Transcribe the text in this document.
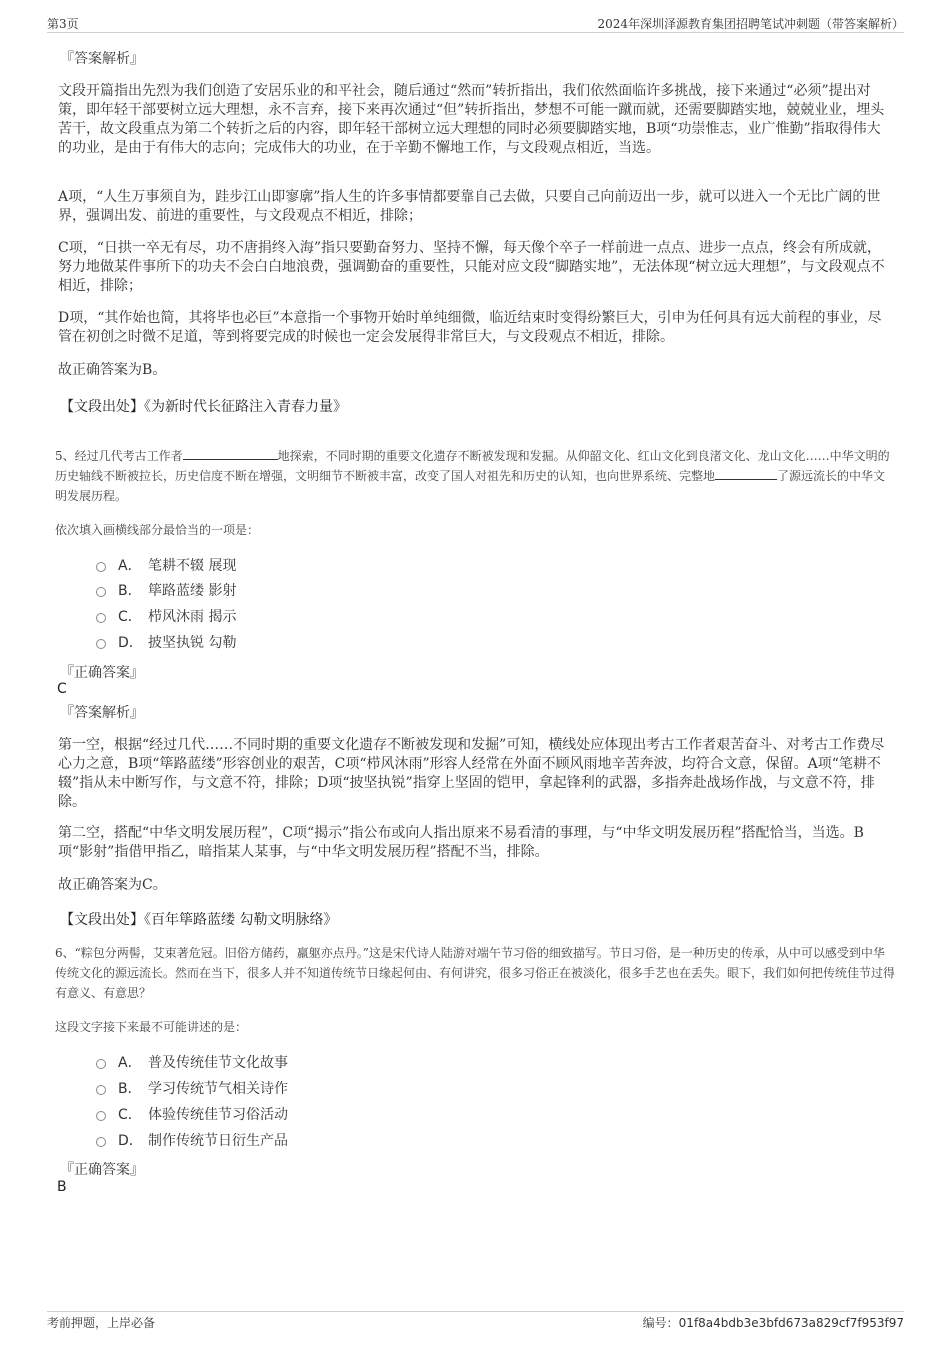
第3页	2024年深圳泽源教育集团招聘笔试冲刺题（带答案解析）
『答案解析』
文段开篇指出先烈为我们创造了安居乐业的和平社会，随后通过“然而”转折指出，我们依然面临许多挑战，接下来通过“必须”提出对策，即年轻干部要树立远大理想，永不言弃，接下来再次通过“但”转折指出，梦想不可能一蹴而就，还需要脚踏实地，兢兢业业，埋头苦干，故文段重点为第二个转折之后的内容，即年轻干部树立远大理想的同时必须要脚踏实地，B项“功崇惟志，业广惟勤”指取得伟大的功业，是由于有伟大的志向；完成伟大的功业，在于辛勤不懈地工作，与文段观点相近，当选。
A项，“人生万事须自为，跬步江山即寥廓”指人生的许多事情都要靠自己去做，只要自己向前迈出一步，就可以进入一个无比广阔的世界，强调出发、前进的重要性，与文段观点不相近，排除；
C项，“日拱一卒无有尽，功不唐捐终入海”指只要勤奋努力、坚持不懈，每天像个卒子一样前进一点点、进步一点点，终会有所成就，努力地做某件事所下的功夫不会白白地浪费，强调勤奋的重要性，只能对应文段“脚踏实地”，无法体现“树立远大理想”，与文段观点不相近，排除；
D项，“其作始也简，其将毕也必巨”本意指一个事物开始时单纯细微，临近结束时变得纷繁巨大，引申为任何具有远大前程的事业，尽管在初创之时微不足道，等到将要完成的时候也一定会发展得非常巨大，与文段观点不相近，排除。
故正确答案为B。
【文段出处】《为新时代长征路注入青春力量》
5、经过几代考古工作者	地探索，不同时期的重要文化遗存不断被发现和发掘。从仰韶文化、红山文化到良渚文化、龙山文化……中华文明的历史轴线不断被拉长，历史信度不断在增强，文明细节不断被丰富，改变了国人对祖先和历史的认知，也向世界系统、完整地	了源远流长的中华文明发展历程。
依次填入画横线部分最恰当的一项是：
A． 笔耕不辍 展现
B． 筚路蓝缕 影射
C． 栉风沐雨 揭示
D． 披坚执锐 勾勒
『正确答案』
C
『答案解析』
第一空，根据“经过几代……不同时期的重要文化遗存不断被发现和发掘”可知，横线处应体现出考古工作者艰苦奋斗、对考古工作费尽心力之意，B项“筚路蓝缕”形容创业的艰苦，C项“栉风沐雨”形容人经常在外面不顾风雨地辛苦奔波，均符合文意，保留。A项“笔耕不辍”指从未中断写作，与文意不符，排除；D项“披坚执锐”指穿上坚固的铠甲，拿起锋利的武器，多指奔赴战场作战，与文意不符，排除。
第二空，搭配“中华文明发展历程”，C项“揭示”指公布或向人指出原来不易看清的事理，与“中华文明发展历程”搭配恰当，当选。B项“影射”指借甲指乙，暗指某人某事，与“中华文明发展历程”搭配不当，排除。
故正确答案为C。
【文段出处】《百年筚路蓝缕 勾勒文明脉络》
6、“粽包分两髻，艾束著危冠。旧俗方储药，羸躯亦点丹。”这是宋代诗人陆游对端午节习俗的细致描写。节日习俗，是一种历史的传承，从中可以感受到中华传统文化的源远流长。然而在当下，很多人并不知道传统节日缘起何由、有何讲究，很多习俗正在被淡化，很多手艺也在丢失。眼下，我们如何把传统佳节过得有意义、有意思？
这段文字接下来最不可能讲述的是：
A． 普及传统佳节文化故事
B． 学习传统节气相关诗作
C． 体验传统佳节习俗活动
D． 制作传统节日衍生产品
『正确答案』
B
考前押题，上岸必备	编号：01f8a4bdb3e3bfd673a829cf7f953f97
